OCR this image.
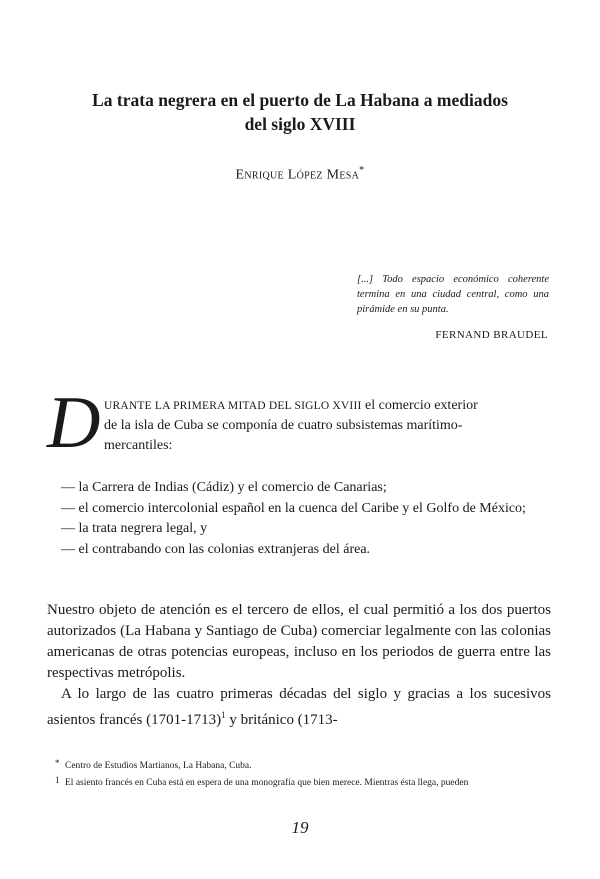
La trata negrera en el puerto de La Habana a mediados
del siglo XVIII
Enrique López Mesa*
[...] Todo espacio económico coherente termina en una ciudad central, como una pirámide en su punta.
FERNAND BRAUDEL
D URANTE LA PRIMERA MITAD DEL SIGLO XVIII el comercio exterior
de la isla de Cuba se componía de cuatro subsistemas marítimo-
mercantiles:
— la Carrera de Indias (Cádiz) y el comercio de Canarias;
— el comercio intercolonial español en la cuenca del Caribe y el Golfo de México;
— la trata negrera legal, y
— el contrabando con las colonias extranjeras del área.

Nuestro objeto de atención es el tercero de ellos, el cual permitió a los dos puertos autorizados (La Habana y Santiago de Cuba) comerciar legalmente con las colonias americanas de otras potencias europeas, incluso en los periodos de guerra entre las respectivas metrópolis.

A lo largo de las cuatro primeras décadas del siglo y gracias a los sucesivos asientos francés (1701-1713)$^1$ y británico (1713-

* Centro de Estudios Martianos, La Habana, Cuba.
1 El asiento francés en Cuba está en espera de una monografía que bien merece. Mientras ésta llega, pueden
19
